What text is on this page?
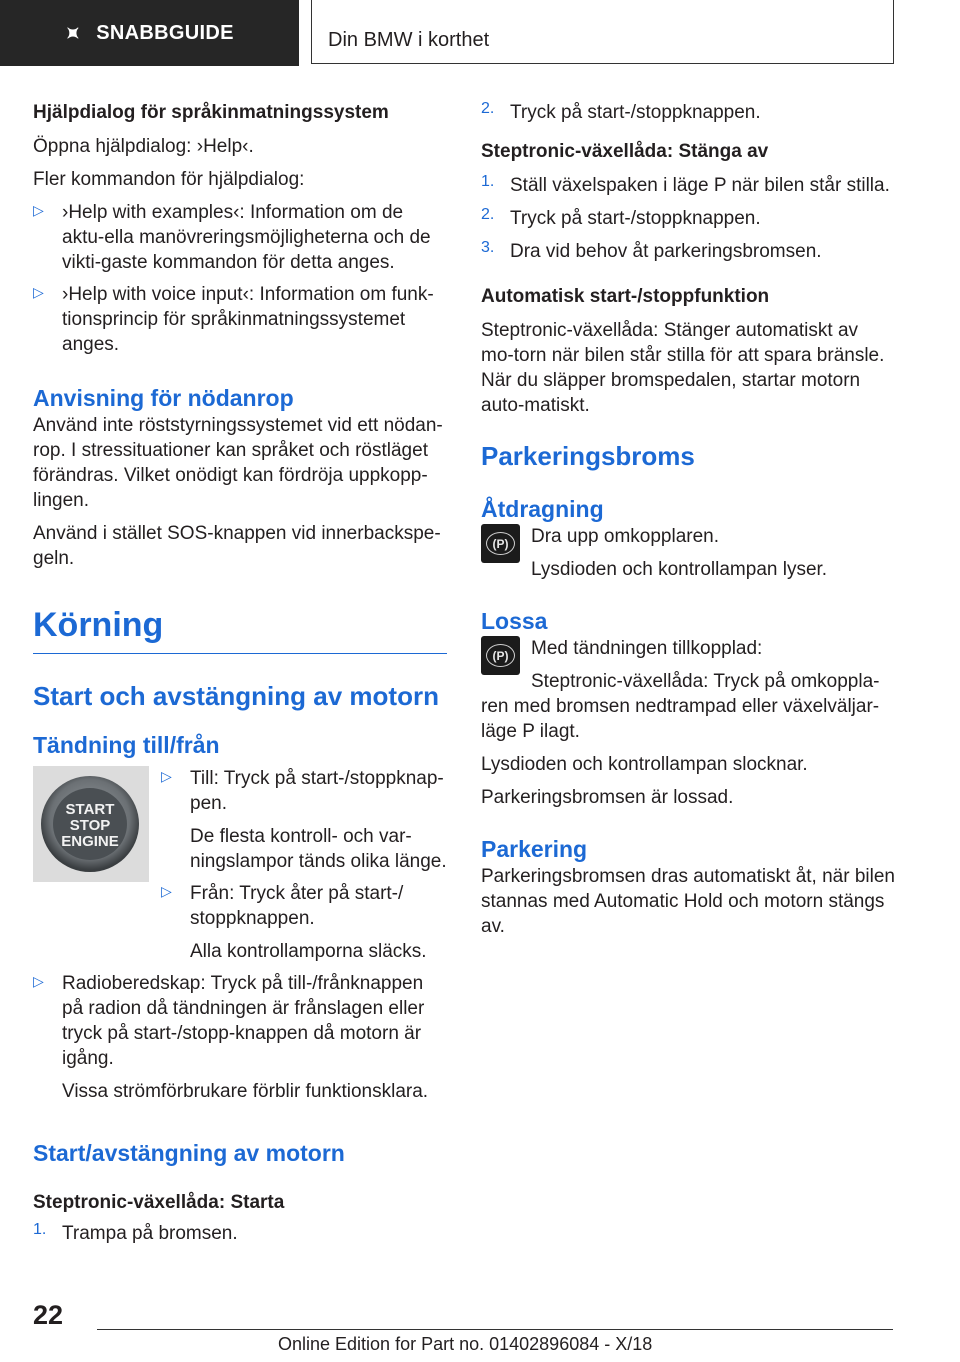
✦ SNABBGUIDE	Din BMW i korthet

Hjälpdialog för språkinmatningssystem

Öppna hjälpdialog: ›Help‹.

Fler kommandon för hjälpdialog:

▷ ›Help with examples‹: Information om de aktu-ella manövreringsmöjligheterna och de vikti-gaste kommandon för detta anges.

▷ ›Help with voice input‹: Information om funk-tionsprincip för språkinmatningssystemet anges.

Anvisning för nödanrop

Använd inte röststyrningssystemet vid ett nödan-rop. I stressituationer kan språket och röstläget förändras. Vilket onödigt kan fördröja uppkopp-lingen.

Använd i stället SOS-knappen vid innerbackspe-geln.

Körning
Start och avstängning av motorn
Tändning till/från
START STOP ENGINE
▷ Till: Tryck på start-/stoppknap-pen.

De flesta kontroll- och var-ningslampor tänds olika länge.

▷ Från: Tryck åter på start-/ stoppknappen.

Alla kontrollamporna släcks.

▷ Radioberedskap: Tryck på till-/frånknappen på radion då tändningen är frånslagen eller tryck på start-/stopp-knappen då motorn är igång.

Vissa strömförbrukare förblir funktionsklara.

Start/avstängning av motorn

Steptronic-växellåda: Starta

1. Trampa på bromsen.

2. Tryck på start-/stoppknappen.

Steptronic-växellåda: Stänga av

1. Ställ växelspaken i läge P när bilen står stilla.

2. Tryck på start-/stoppknappen.

3. Dra vid behov åt parkeringsbromsen.

Automatisk start-/stoppfunktion

Steptronic-växellåda: Stänger automatiskt av mo-torn när bilen står stilla för att spara bränsle. När du släpper bromspedalen, startar motorn auto-matiskt.

Parkeringsbroms
Åtdragning
(P)	Dra upp omkopplaren.

Lysdioden och kontrollampan lyser.

Lossa
(P)	Med tändningen tillkopplad:

Steptronic-växellåda: Tryck på omkoppla-ren med bromsen nedtrampad eller växelväljar-läge P ilagt.

Lysdioden och kontrollampan slocknar.

Parkeringsbromsen är lossad.

Parkering

Parkeringsbromsen dras automatiskt åt, när bilen stannas med Automatic Hold och motorn stängs av.

22
Online Edition for Part no. 01402896084 - X/18
